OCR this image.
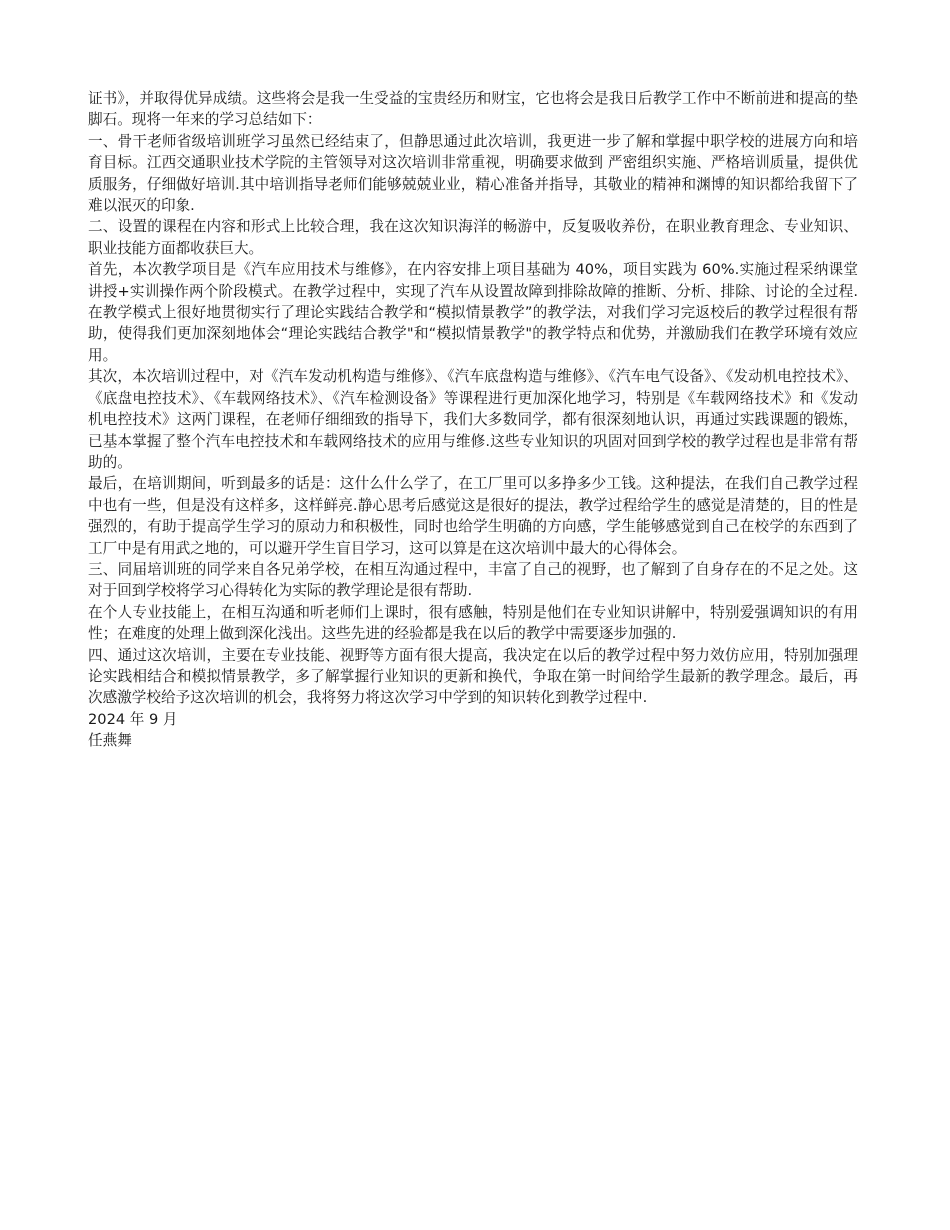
证书》，并取得优异成绩。这些将会是我一生受益的宝贵经历和财宝，它也将会是我日后教学工作中不断前进和提高的垫脚石。现将一年来的学习总结如下：

一、骨干老师省级培训班学习虽然已经结束了，但静思通过此次培训，我更进一步了解和掌握中职学校的进展方向和培育目标。江西交通职业技术学院的主管领导对这次培训非常重视，明确要求做到 严密组织实施、严格培训质量，提供优质服务，仔细做好培训.其中培训指导老师们能够兢兢业业，精心准备并指导，其敬业的精神和渊博的知识都给我留下了难以泯灭的印象.

二、设置的课程在内容和形式上比较合理，我在这次知识海洋的畅游中，反复吸收养份，在职业教育理念、专业知识、职业技能方面都收获巨大。

首先，本次教学项目是《汽车应用技术与维修》，在内容安排上项目基础为 40%，项目实践为 60%.实施过程采纳课堂讲授+实训操作两个阶段模式。在教学过程中，实现了汽车从设置故障到排除故障的推断、分析、排除、讨论的全过程.在教学模式上很好地贯彻实行了理论实践结合教学和“模拟情景教学”的教学法，对我们学习完返校后的教学过程很有帮助，使得我们更加深刻地体会“理论实践结合教学"和“模拟情景教学"的教学特点和优势，并激励我们在教学环境有效应用。

其次，本次培训过程中，对《汽车发动机构造与维修》、《汽车底盘构造与维修》、《汽车电气设备》、《发动机电控技术》、《底盘电控技术》、《车载网络技术》、《汽车检测设备》等课程进行更加深化地学习，特别是《车载网络技术》和《发动机电控技术》这两门课程，在老师仔细细致的指导下，我们大多数同学，都有很深刻地认识，再通过实践课题的锻炼，已基本掌握了整个汽车电控技术和车载网络技术的应用与维修.这些专业知识的巩固对回到学校的教学过程也是非常有帮助的。

最后，在培训期间，听到最多的话是：这什么什么学了，在工厂里可以多挣多少工钱。这种提法，在我们自己教学过程中也有一些，但是没有这样多，这样鲜亮.静心思考后感觉这是很好的提法，教学过程给学生的感觉是清楚的，目的性是强烈的，有助于提高学生学习的原动力和积极性，同时也给学生明确的方向感，学生能够感觉到自己在校学的东西到了工厂中是有用武之地的，可以避开学生盲目学习，这可以算是在这次培训中最大的心得体会。

三、同届培训班的同学来自各兄弟学校，在相互沟通过程中，丰富了自己的视野，也了解到了自身存在的不足之处。这对于回到学校将学习心得转化为实际的教学理论是很有帮助.

在个人专业技能上，在相互沟通和听老师们上课时，很有感触，特别是他们在专业知识讲解中，特别爱强调知识的有用性；在难度的处理上做到深化浅出。这些先进的经验都是我在以后的教学中需要逐步加强的.

四、通过这次培训，主要在专业技能、视野等方面有很大提高，我决定在以后的教学过程中努力效仿应用，特别加强理论实践相结合和模拟情景教学，多了解掌握行业知识的更新和换代，争取在第一时间给学生最新的教学理念。最后，再次感激学校给予这次培训的机会，我将努力将这次学习中学到的知识转化到教学过程中.

2024 年 9 月

任燕舞
